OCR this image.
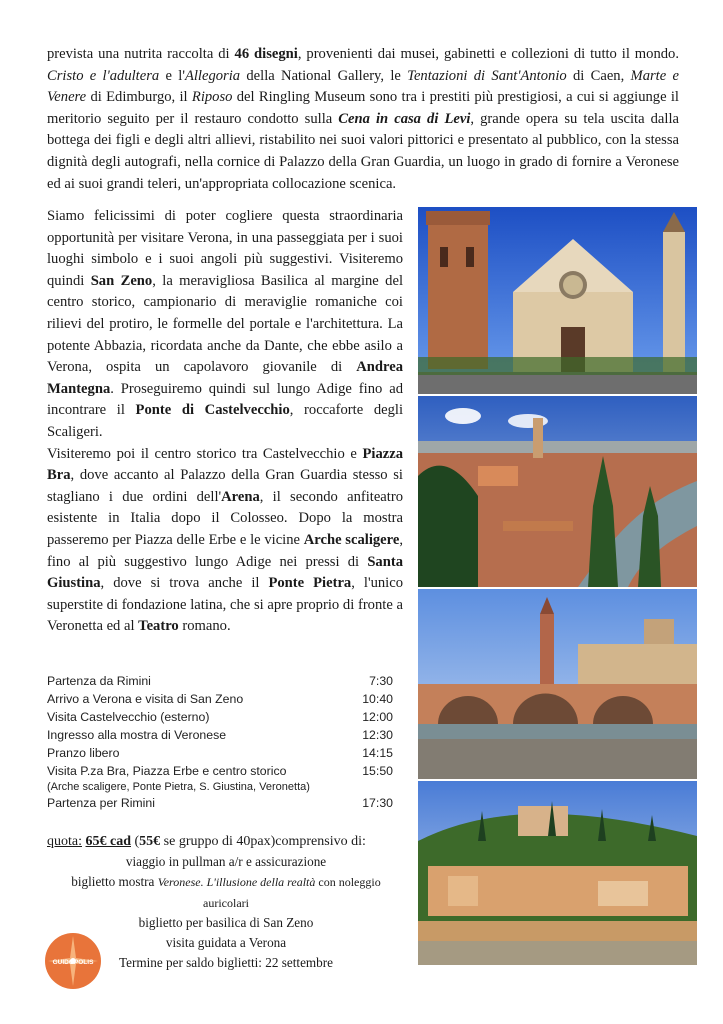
prevista una nutrita raccolta di 46 disegni, provenienti dai musei, gabinetti e collezioni di tutto il mondo. Cristo e l'adultera e l'Allegoria della National Gallery, le Tentazioni di Sant'Antonio di Caen, Marte e Venere di Edimburgo, il Riposo del Ringling Museum sono tra i prestiti più prestigiosi, a cui si aggiunge il meritorio seguito per il restauro condotto sulla Cena in casa di Levi, grande opera su tela uscita dalla bottega dei figli e degli altri allievi, ristabilito nei suoi valori pittorici e presentato al pubblico, con la stessa dignità degli autografi, nella cornice di Palazzo della Gran Guardia, un luogo in grado di fornire a Veronese ed ai suoi grandi teleri, un'appropriata collocazione scenica.

Siamo felicissimi di poter cogliere questa straordinaria opportunità per visitare Verona, in una passeggiata per i suoi luoghi simbolo e i suoi angoli più suggestivi. Visiteremo quindi San Zeno, la meravigliosa Basilica al margine del centro storico, campionario di meraviglie romaniche coi rilievi del protiro, le formelle del portale e l'architettura. La potente Abbazia, ricordata anche da Dante, che ebbe asilo a Verona, ospita un capolavoro giovanile di Andrea Mantegna. Proseguiremo quindi sul lungo Adige fino ad incontrare il Ponte di Castelvecchio, roccaforte degli Scaligeri.

Visiteremo poi il centro storico tra Castelvecchio e Piazza Bra, dove accanto al Palazzo della Gran Guardia stesso si stagliano i due ordini dell'Arena, il secondo anfiteatro esistente in Italia dopo il Colosseo. Dopo la mostra passeremo per Piazza delle Erbe e le vicine Arche scaligere, fino al più suggestivo lungo Adige nei pressi di Santa Giustina, dove si trova anche il Ponte Pietra, l'unico superstite di fondazione latina, che si apre proprio di fronte a Veronetta ed al Teatro romano.

Partenza da Rimini	7:30
Arrivo a Verona e visita di San Zeno	10:40
Visita Castelvecchio (esterno)	12:00
Ingresso alla mostra di Veronese	12:30
Pranzo libero	14:15
Visita P.za Bra, Piazza Erbe e centro storico	15:50
(Arche scaligere, Ponte Pietra, S. Giustina, Veronetta)
Partenza per Rimini	17:30
quota: 65€ cad (55€ se gruppo di 40pax)comprensivo di:
viaggio in pullman a/r e assicurazione
biglietto mostra Veronese. L'illusione della realtà con noleggio auricolari
biglietto per basilica di San Zeno
visita guidata a Verona
Termine per saldo biglietti: 22 settembre
GUIDOPOLIS
